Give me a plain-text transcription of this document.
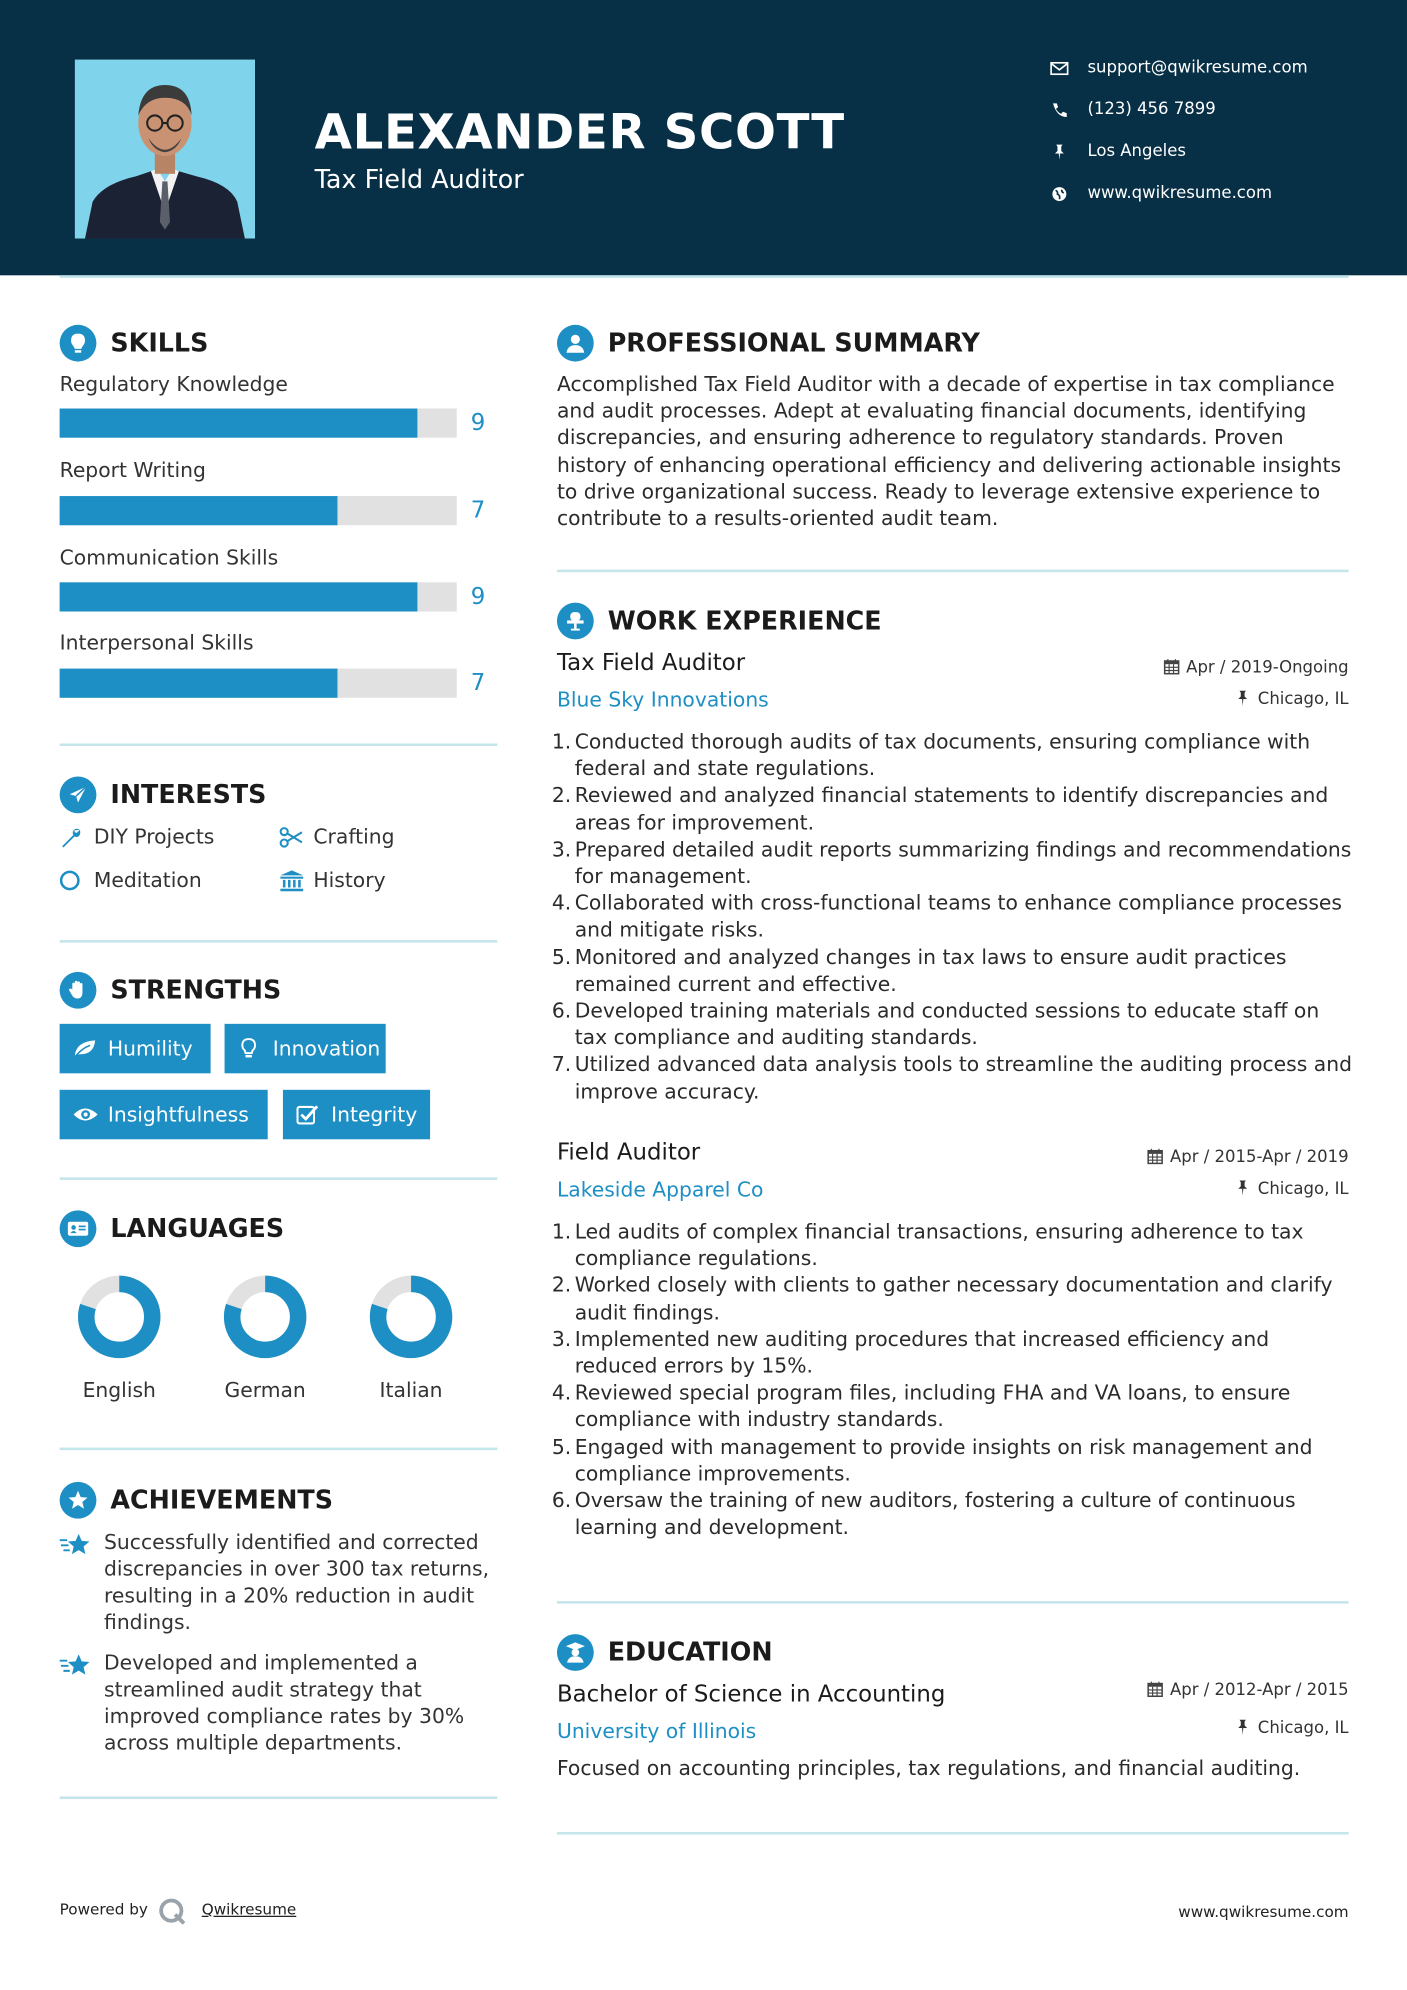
ALEXANDER SCOTT
Tax Field Auditor
support@qwikresume.com
(123) 456 7899
Los Angeles
www.qwikresume.com
SKILLS
Regulatory Knowledge
9
Report Writing
7
Communication Skills
9
Interpersonal Skills
7
INTERESTS
DIY Projects	Crafting
Meditation	History
STRENGTHS
Humility	Innovation
Insightfulness	Integrity
LANGUAGES
English	German	Italian
ACHIEVEMENTS
Successfully identified and corrected discrepancies in over 300 tax returns, resulting in a 20% reduction in audit findings.
Developed and implemented a streamlined audit strategy that improved compliance rates by 30% across multiple departments.
PROFESSIONAL SUMMARY
Accomplished Tax Field Auditor with a decade of expertise in tax compliance and audit processes. Adept at evaluating financial documents, identifying discrepancies, and ensuring adherence to regulatory standards. Proven history of enhancing operational efficiency and delivering actionable insights to drive organizational success. Ready to leverage extensive experience to contribute to a results-oriented audit team.
WORK EXPERIENCE
Tax Field Auditor	Apr / 2019-Ongoing
Blue Sky Innovations	Chicago, IL
1. Conducted thorough audits of tax documents, ensuring compliance with federal and state regulations.
2. Reviewed and analyzed financial statements to identify discrepancies and areas for improvement.
3. Prepared detailed audit reports summarizing findings and recommendations for management.
4. Collaborated with cross-functional teams to enhance compliance processes and mitigate risks.
5. Monitored and analyzed changes in tax laws to ensure audit practices remained current and effective.
6. Developed training materials and conducted sessions to educate staff on tax compliance and auditing standards.
7. Utilized advanced data analysis tools to streamline the auditing process and improve accuracy.
Field Auditor	Apr / 2015-Apr / 2019
Lakeside Apparel Co	Chicago, IL
1. Led audits of complex financial transactions, ensuring adherence to tax compliance regulations.
2. Worked closely with clients to gather necessary documentation and clarify audit findings.
3. Implemented new auditing procedures that increased efficiency and reduced errors by 15%.
4. Reviewed special program files, including FHA and VA loans, to ensure compliance with industry standards.
5. Engaged with management to provide insights on risk management and compliance improvements.
6. Oversaw the training of new auditors, fostering a culture of continuous learning and development.
EDUCATION
Bachelor of Science in Accounting	Apr / 2012-Apr / 2015
University of Illinois	Chicago, IL
Focused on accounting principles, tax regulations, and financial auditing.
Powered by	Qwikresume	www.qwikresume.com
